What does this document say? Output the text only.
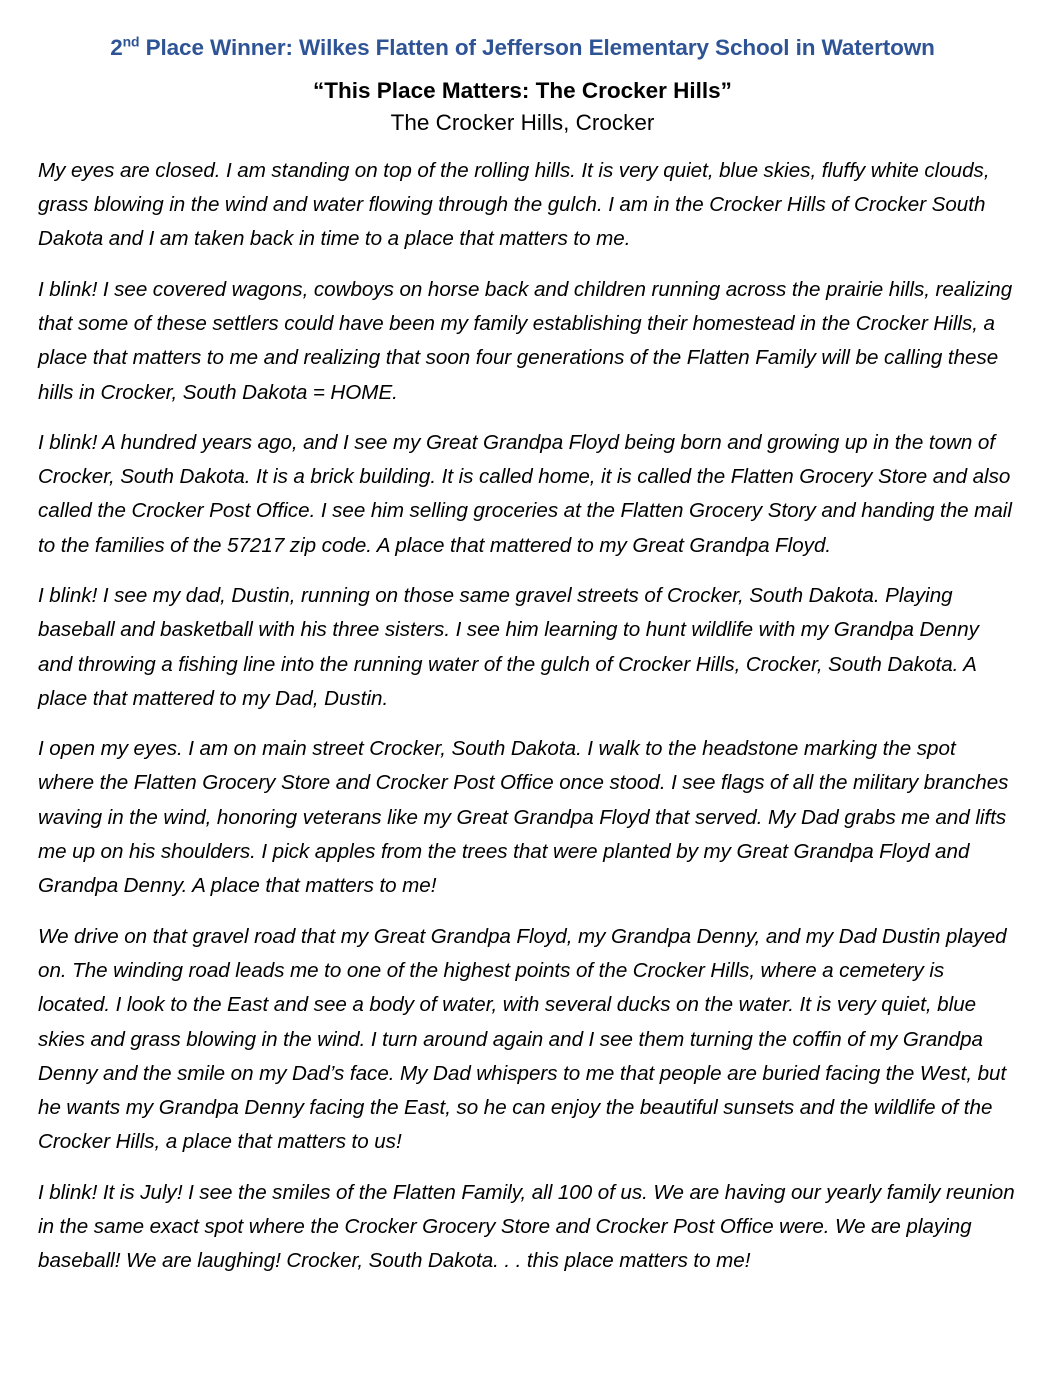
2nd Place Winner: Wilkes Flatten of Jefferson Elementary School in Watertown
“This Place Matters: The Crocker Hills”
The Crocker Hills, Crocker

My eyes are closed. I am standing on top of the rolling hills. It is very quiet, blue skies, fluffy white clouds, grass blowing in the wind and water flowing through the gulch. I am in the Crocker Hills of Crocker South Dakota and I am taken back in time to a place that matters to me.

I blink! I see covered wagons, cowboys on horse back and children running across the prairie hills, realizing that some of these settlers could have been my family establishing their homestead in the Crocker Hills, a place that matters to me and realizing that soon four generations of the Flatten Family will be calling these hills in Crocker, South Dakota = HOME.

I blink! A hundred years ago, and I see my Great Grandpa Floyd being born and growing up in the town of Crocker, South Dakota. It is a brick building. It is called home, it is called the Flatten Grocery Store and also called the Crocker Post Office. I see him selling groceries at the Flatten Grocery Story and handing the mail to the families of the 57217 zip code. A place that mattered to my Great Grandpa Floyd.

I blink! I see my dad, Dustin, running on those same gravel streets of Crocker, South Dakota. Playing baseball and basketball with his three sisters. I see him learning to hunt wildlife with my Grandpa Denny and throwing a fishing line into the running water of the gulch of Crocker Hills, Crocker, South Dakota. A place that mattered to my Dad, Dustin.

I open my eyes. I am on main street Crocker, South Dakota. I walk to the headstone marking the spot where the Flatten Grocery Store and Crocker Post Office once stood. I see flags of all the military branches waving in the wind, honoring veterans like my Great Grandpa Floyd that served. My Dad grabs me and lifts me up on his shoulders. I pick apples from the trees that were planted by my Great Grandpa Floyd and Grandpa Denny. A place that matters to me!

We drive on that gravel road that my Great Grandpa Floyd, my Grandpa Denny, and my Dad Dustin played on. The winding road leads me to one of the highest points of the Crocker Hills, where a cemetery is located. I look to the East and see a body of water, with several ducks on the water. It is very quiet, blue skies and grass blowing in the wind. I turn around again and I see them turning the coffin of my Grandpa Denny and the smile on my Dad’s face. My Dad whispers to me that people are buried facing the West, but he wants my Grandpa Denny facing the East, so he can enjoy the beautiful sunsets and the wildlife of the Crocker Hills, a place that matters to us!

I blink! It is July! I see the smiles of the Flatten Family, all 100 of us. We are having our yearly family reunion in the same exact spot where the Crocker Grocery Store and Crocker Post Office were. We are playing baseball! We are laughing! Crocker, South Dakota. . . this place matters to me!
